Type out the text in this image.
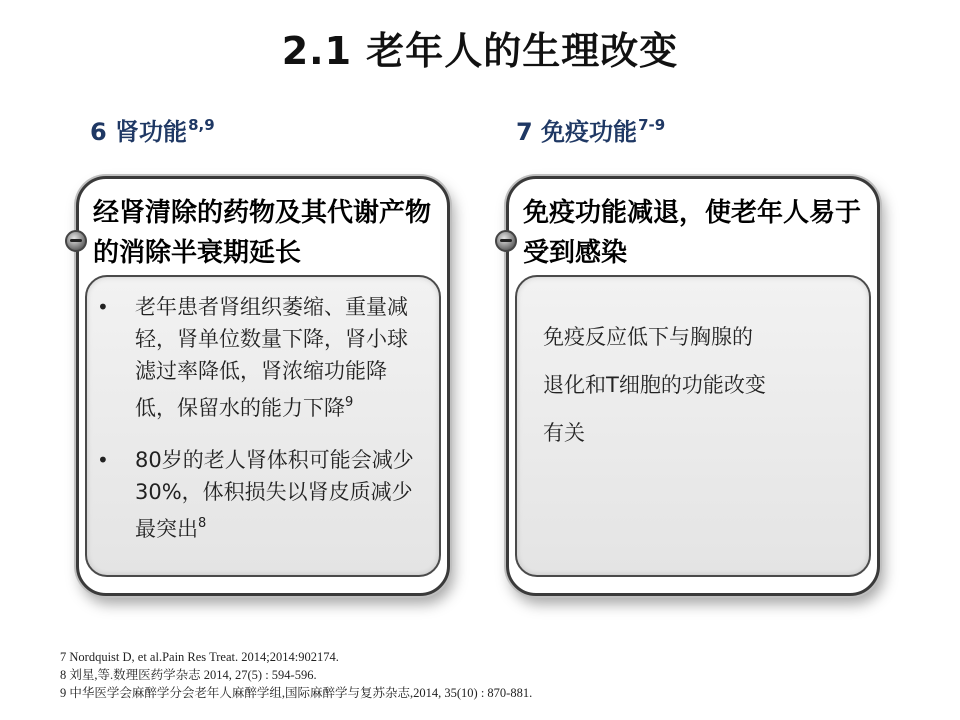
2.1 老年人的生理改变
6 肾功能$^{8,9}$	7 免疫功能$^{7-9}$
经肾清除的药物及其代谢产物的消除半衰期延长
• 老年患者肾组织萎缩、重量减轻，肾单位数量下降，肾小球滤过率降低，肾浓缩功能降低，保留水的能力下降$^9$
• 80岁的老人肾体积可能会减少30%，体积损失以肾皮质减少最突出$^8$
免疫功能减退，使老年人易于受到感染
免疫反应低下与胸腺的
退化和T细胞的功能改变
有关
7 Nordquist D, et al.Pain Res Treat. 2014;2014:902174.
8 刘星,等.数理医药学杂志 2014, 27(5) : 594-596.
9 中华医学会麻醉学分会老年人麻醉学组,国际麻醉学与复苏杂志,2014, 35(10) : 870-881.
